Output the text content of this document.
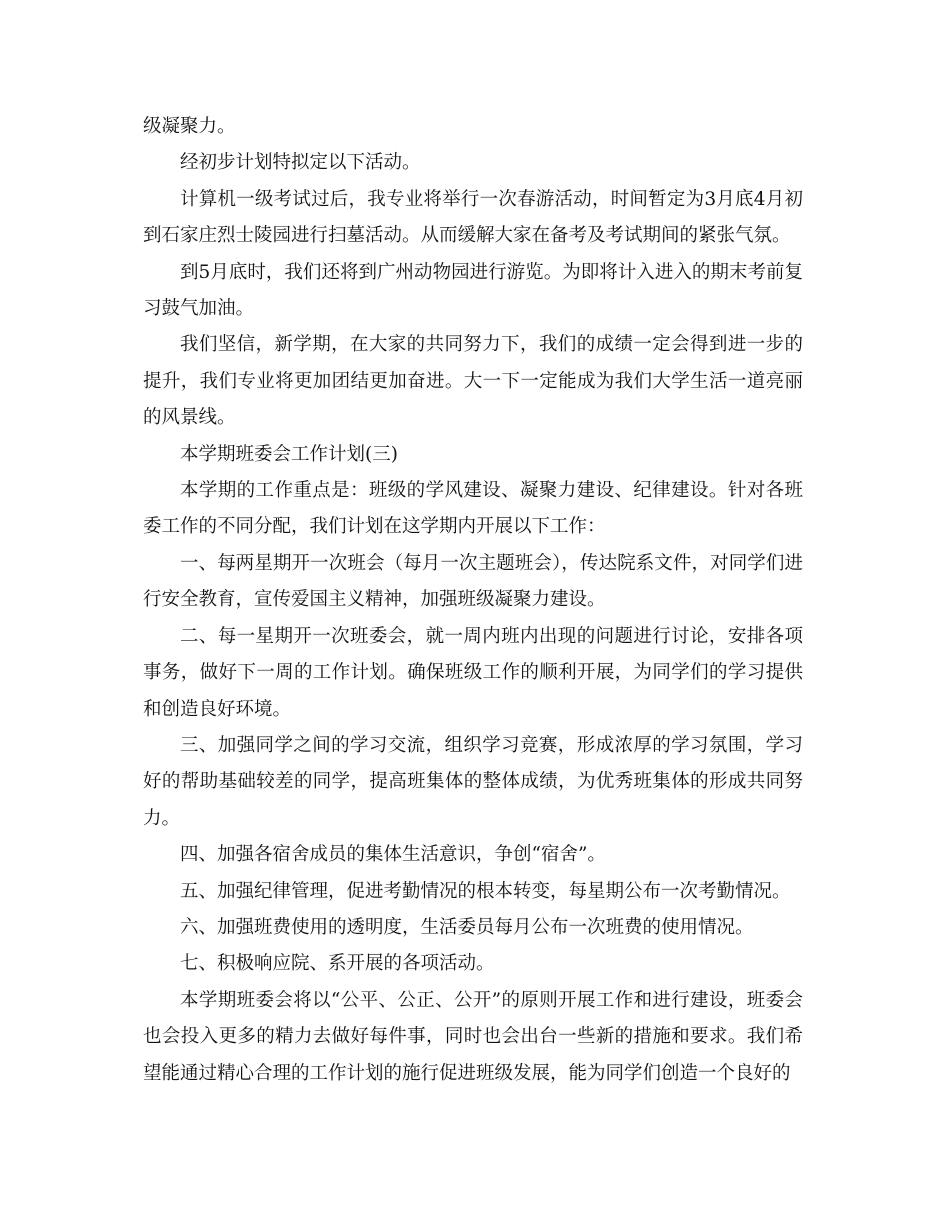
级凝聚力。

经初步计划特拟定以下活动。

计算机一级考试过后，我专业将举行一次春游活动，时间暂定为3月底4月初到石家庄烈士陵园进行扫墓活动。从而缓解大家在备考及考试期间的紧张气氛。

到5月底时，我们还将到广州动物园进行游览。为即将计入进入的期末考前复习鼓气加油。

我们坚信，新学期，在大家的共同努力下，我们的成绩一定会得到进一步的提升，我们专业将更加团结更加奋进。大一下一定能成为我们大学生活一道亮丽的风景线。

本学期班委会工作计划(三)

本学期的工作重点是：班级的学风建设、凝聚力建设、纪律建设。针对各班委工作的不同分配，我们计划在这学期内开展以下工作：

一、每两星期开一次班会（每月一次主题班会），传达院系文件，对同学们进行安全教育，宣传爱国主义精神，加强班级凝聚力建设。

二、每一星期开一次班委会，就一周内班内出现的问题进行讨论，安排各项事务，做好下一周的工作计划。确保班级工作的顺利开展，为同学们的学习提供和创造良好环境。

三、加强同学之间的学习交流，组织学习竞赛，形成浓厚的学习氛围，学习好的帮助基础较差的同学，提高班集体的整体成绩，为优秀班集体的形成共同努力。

四、加强各宿舍成员的集体生活意识，争创“宿舍”。

五、加强纪律管理，促进考勤情况的根本转变，每星期公布一次考勤情况。

六、加强班费使用的透明度，生活委员每月公布一次班费的使用情况。

七、积极响应院、系开展的各项活动。

本学期班委会将以“公平、公正、公开”的原则开展工作和进行建设，班委会也会投入更多的精力去做好每件事，同时也会出台一些新的措施和要求。我们希望能通过精心合理的工作计划的施行促进班级发展，能为同学们创造一个良好的
